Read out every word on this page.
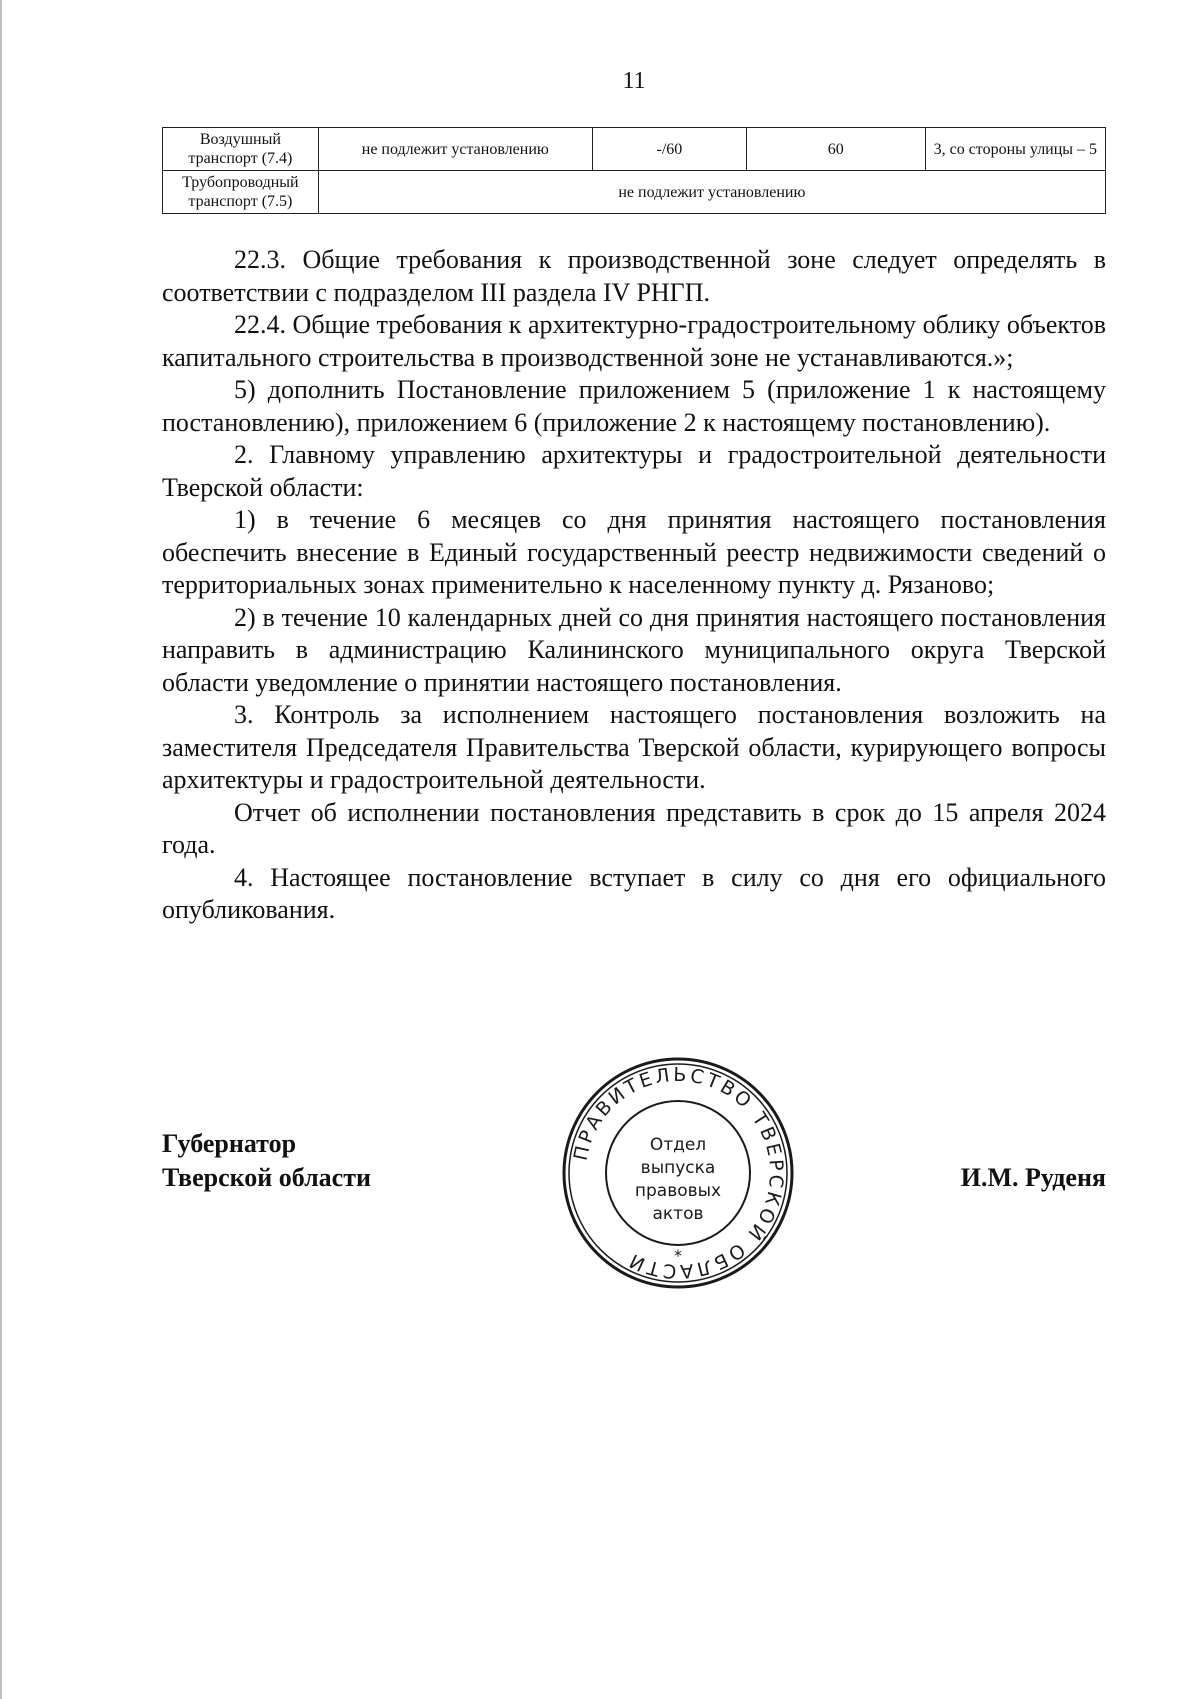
11
Воздушный транспорт (7.4)	не подлежит установлению	-/60	60	3, со стороны улицы – 5
Трубопроводный транспорт (7.5)	не подлежит установлению			

22.3. Общие требования к производственной зоне следует определять в соответствии с подразделом III раздела IV РНГП.

22.4. Общие требования к архитектурно-градостроительному облику объектов капитального строительства в производственной зоне не устанавливаются.»;

5) дополнить Постановление приложением 5 (приложение 1 к настоящему постановлению), приложением 6 (приложение 2 к настоящему постановлению).

2. Главному управлению архитектуры и градостроительной деятельности Тверской области:

1) в течение 6 месяцев со дня принятия настоящего постановления обеспечить внесение в Единый государственный реестр недвижимости сведений о территориальных зонах применительно к населенному пункту д. Рязаново;

2) в течение 10 календарных дней со дня принятия настоящего постановления направить в администрацию Калининского муниципального округа Тверской области уведомление о принятии настоящего постановления.

3. Контроль за исполнением настоящего постановления возложить на заместителя Председателя Правительства Тверской области, курирующего вопросы архитектуры и градостроительной деятельности.

Отчет об исполнении постановления представить в срок до 15 апреля 2024 года.

4. Настоящее постановление вступает в силу со дня его официального опубликования.

Губернатор
Тверской области
ПРАВИТЕЛЬСТВО ТВЕРСКОЙ ОБЛАСТИ
Отдел
выпуска
правовых
актов
*
И.М. Руденя
